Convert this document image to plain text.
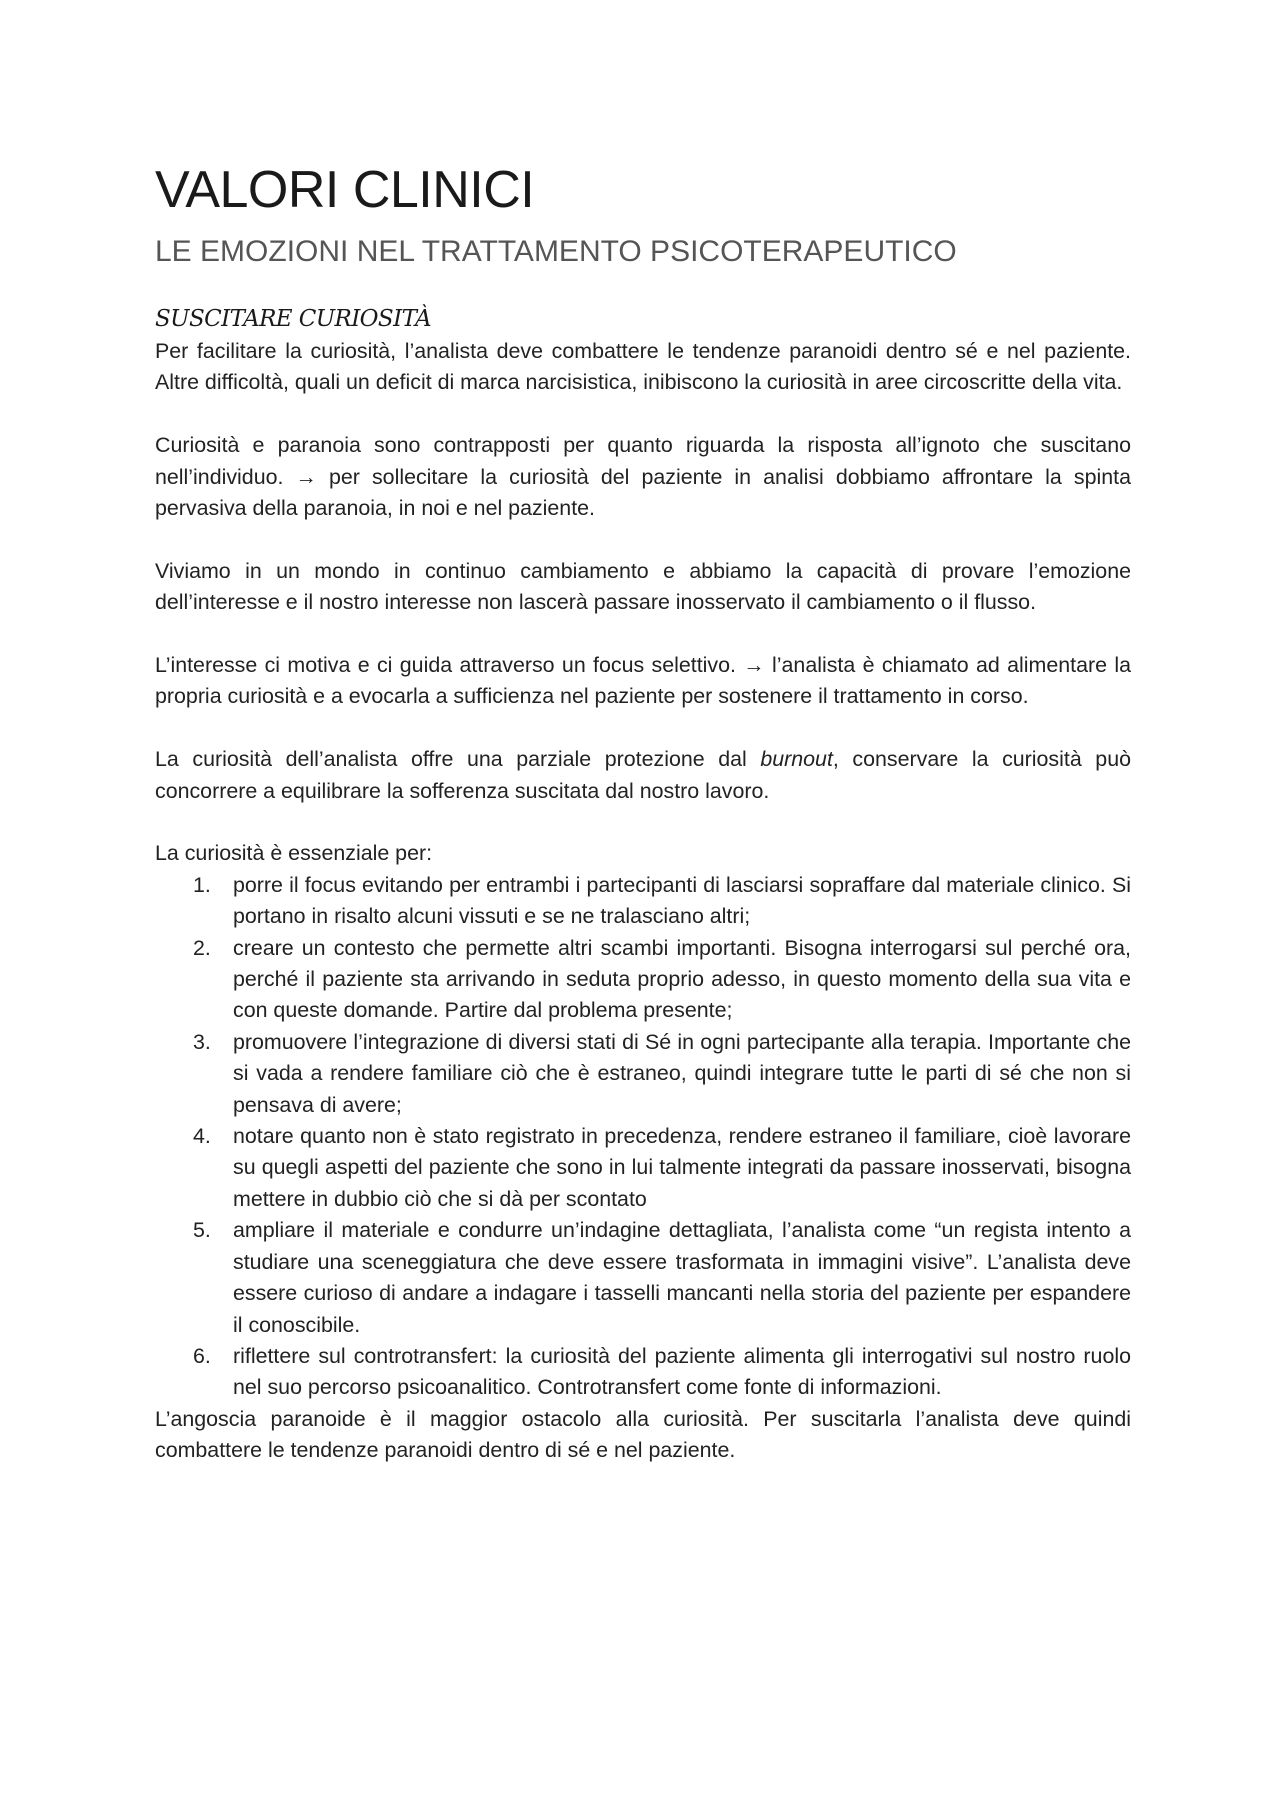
VALORI CLINICI
LE EMOZIONI NEL TRATTAMENTO PSICOTERAPEUTICO
SUSCITARE CURIOSITÀ

Per facilitare la curiosità, l’analista deve combattere le tendenze paranoidi dentro sé e nel paziente. Altre difficoltà, quali un deficit di marca narcisistica, inibiscono la curiosità in aree circoscritte della vita.

Curiosità e paranoia sono contrapposti per quanto riguarda la risposta all’ignoto che suscitano nell’individuo. → per sollecitare la curiosità del paziente in analisi dobbiamo affrontare la spinta pervasiva della paranoia, in noi e nel paziente.

Viviamo in un mondo in continuo cambiamento e abbiamo la capacità di provare l’emozione dell’interesse e il nostro interesse non lascerà passare inosservato il cambiamento o il flusso.

L’interesse ci motiva e ci guida attraverso un focus selettivo. → l’analista è chiamato ad alimentare la propria curiosità e a evocarla a sufficienza nel paziente per sostenere il trattamento in corso.

La curiosità dell’analista offre una parziale protezione dal burnout, conservare la curiosità può concorrere a equilibrare la sofferenza suscitata dal nostro lavoro.

La curiosità è essenziale per:

1. porre il focus evitando per entrambi i partecipanti di lasciarsi sopraffare dal materiale clinico. Si portano in risalto alcuni vissuti e se ne tralasciano altri;
2. creare un contesto che permette altri scambi importanti. Bisogna interrogarsi sul perché ora, perché il paziente sta arrivando in seduta proprio adesso, in questo momento della sua vita e con queste domande. Partire dal problema presente;
3. promuovere l’integrazione di diversi stati di Sé in ogni partecipante alla terapia. Importante che si vada a rendere familiare ciò che è estraneo, quindi integrare tutte le parti di sé che non si pensava di avere;
4. notare quanto non è stato registrato in precedenza, rendere estraneo il familiare, cioè lavorare su quegli aspetti del paziente che sono in lui talmente integrati da passare inosservati, bisogna mettere in dubbio ciò che si dà per scontato
5. ampliare il materiale e condurre un’indagine dettagliata, l’analista come “un regista intento a studiare una sceneggiatura che deve essere trasformata in immagini visive”. L’analista deve essere curioso di andare a indagare i tasselli mancanti nella storia del paziente per espandere il conoscibile.
6. riflettere sul controtransfert: la curiosità del paziente alimenta gli interrogativi sul nostro ruolo nel suo percorso psicoanalitico. Controtransfert come fonte di informazioni.

L’angoscia paranoide è il maggior ostacolo alla curiosità. Per suscitarla l’analista deve quindi combattere le tendenze paranoidi dentro di sé e nel paziente.
